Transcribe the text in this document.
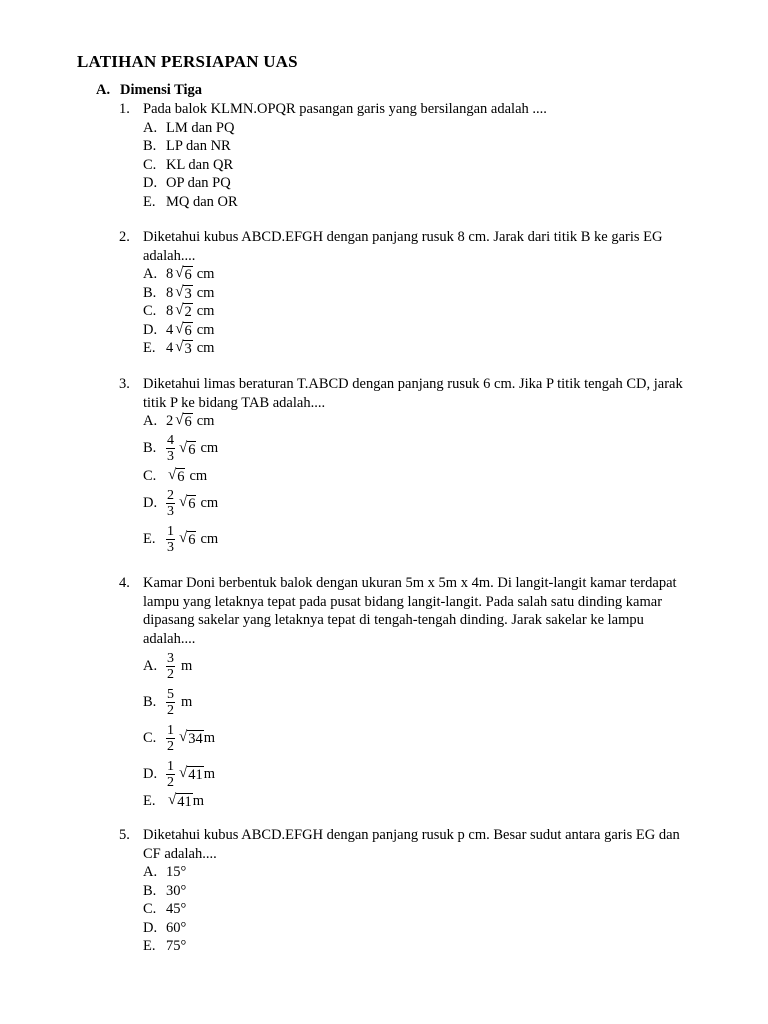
LATIHAN PERSIAPAN UAS
A. Dimensi Tiga
1. Pada balok KLMN.OPQR pasangan garis yang bersilangan adalah ....
A. LM dan PQ
B. LP dan NR
C. KL dan QR
D. OP dan PQ
E. MQ dan OR
2. Diketahui kubus ABCD.EFGH dengan panjang rusuk 8 cm. Jarak dari titik B ke garis EG adalah....
A. 8 √ 6 cm
B. 8 √ 3 cm
C. 8 √ 2 cm
D. 4 √ 6 cm
E. 4 √ 3 cm
3. Diketahui limas beraturan T.ABCD dengan panjang rusuk 6 cm. Jika P titik tengah CD, jarak titik P ke bidang TAB adalah....
A. 2 √ 6 cm
B. $\frac{4}{3}$ √ 6 cm
C. √ 6 cm
D. $\frac{2}{3}$ √ 6 cm
E. $\frac{1}{3}$ √ 6 cm
4. Kamar Doni berbentuk balok dengan ukuran 5m x 5m x 4m. Di langit-langit kamar terdapat lampu yang letaknya tepat pada pusat bidang langit-langit. Pada salah satu dinding kamar dipasang sakelar yang letaknya tepat di tengah-tengah dinding. Jarak sakelar ke lampu adalah....
A. $\frac{3}{2}$ m
B. $\frac{5}{2}$ m
C. $\frac{1}{2}$ √ 34 m
D. $\frac{1}{2}$ √ 41 m
E. √ 41 m
5. Diketahui kubus ABCD.EFGH dengan panjang rusuk p cm. Besar sudut antara garis EG dan CF adalah....
A. 15°
B. 30°
C. 45°
D. 60°
E. 75°
